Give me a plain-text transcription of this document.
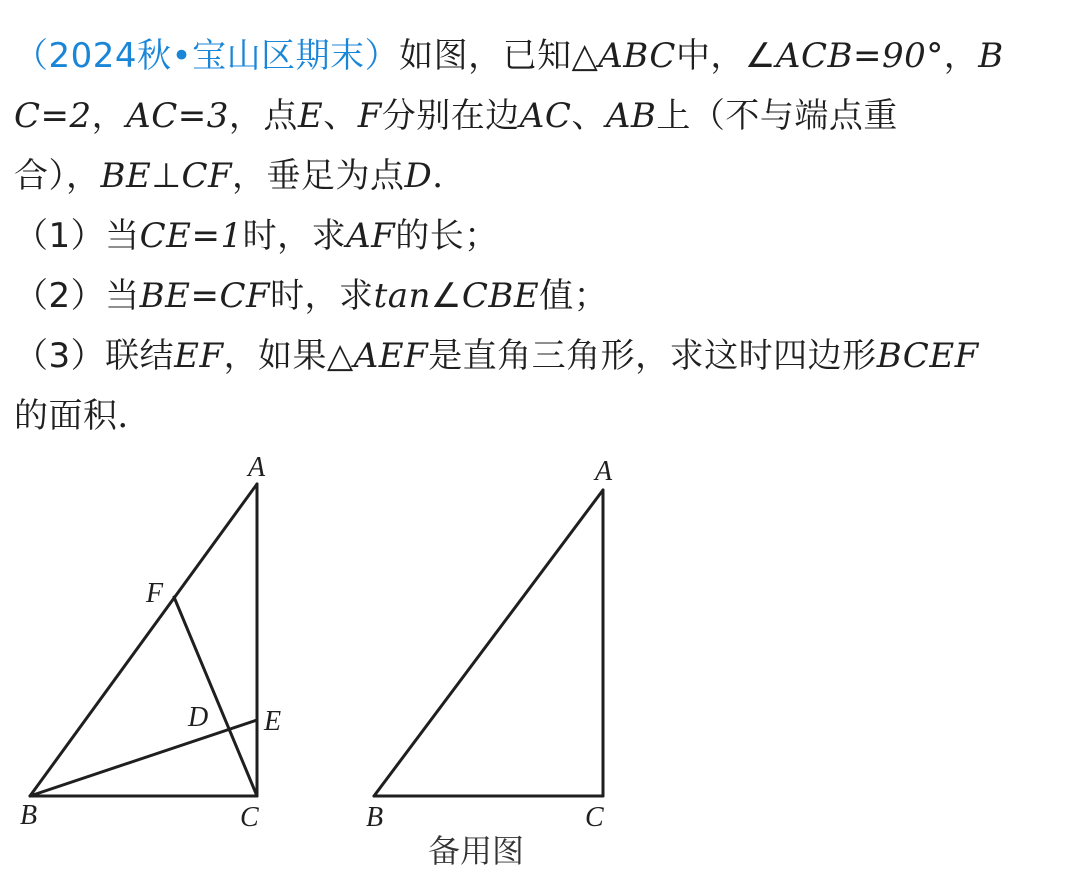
（2024秋•宝山区期末）如图，已知△ABC中，∠ACB=90°，B
C=2，AC=3，点E、F分别在边AC、AB上（不与端点重
合），BE⊥CF，垂足为点D．
（1）当CE=1时，求AF的长；
（2）当BE=CF时，求tan∠CBE值；
（3）联结EF，如果△AEF是直角三角形，求这时四边形BCEF
的面积．
A
F
D E
B	C
A
B	C
备用图
